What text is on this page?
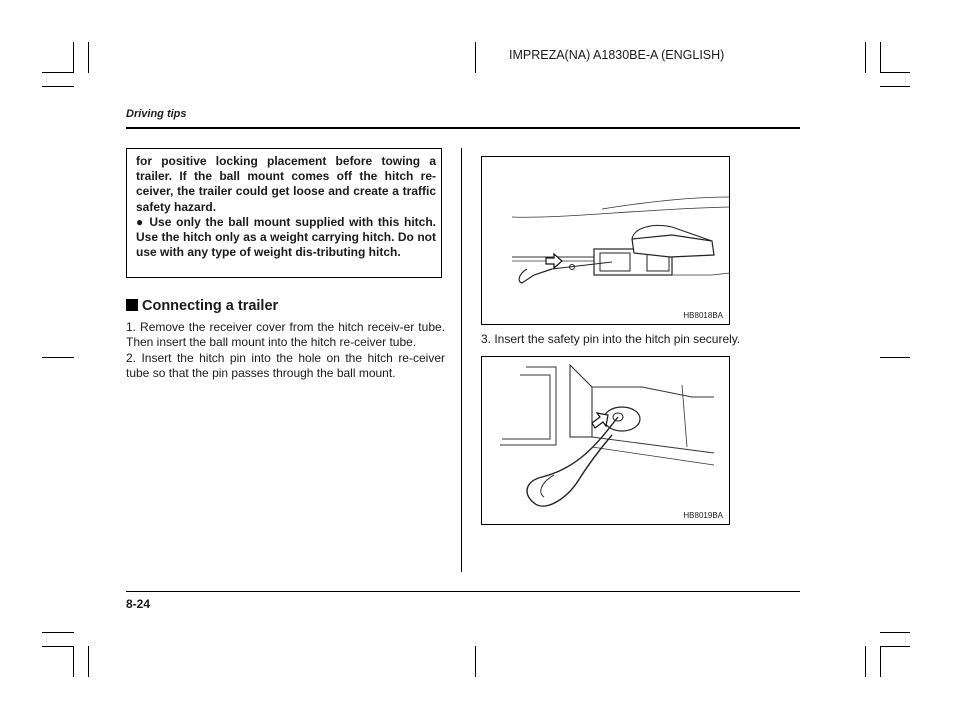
IMPREZA(NA) A1830BE-A (ENGLISH)
Driving tips

for positive locking placement before towing a trailer. If the ball mount comes off the hitch re-ceiver, the trailer could get loose and create a traffic safety hazard.

● Use only the ball mount supplied with this hitch. Use the hitch only as a weight carrying hitch. Do not use with any type of weight dis-tributing hitch.

Connecting a trailer

1. Remove the receiver cover from the hitch receiv-er tube. Then insert the ball mount into the hitch re-ceiver tube.

2. Insert the hitch pin into the hole on the hitch re-ceiver tube so that the pin passes through the ball mount.

HB8018BA
3. Insert the safety pin into the hitch pin securely.
HB8019BA
8-24
